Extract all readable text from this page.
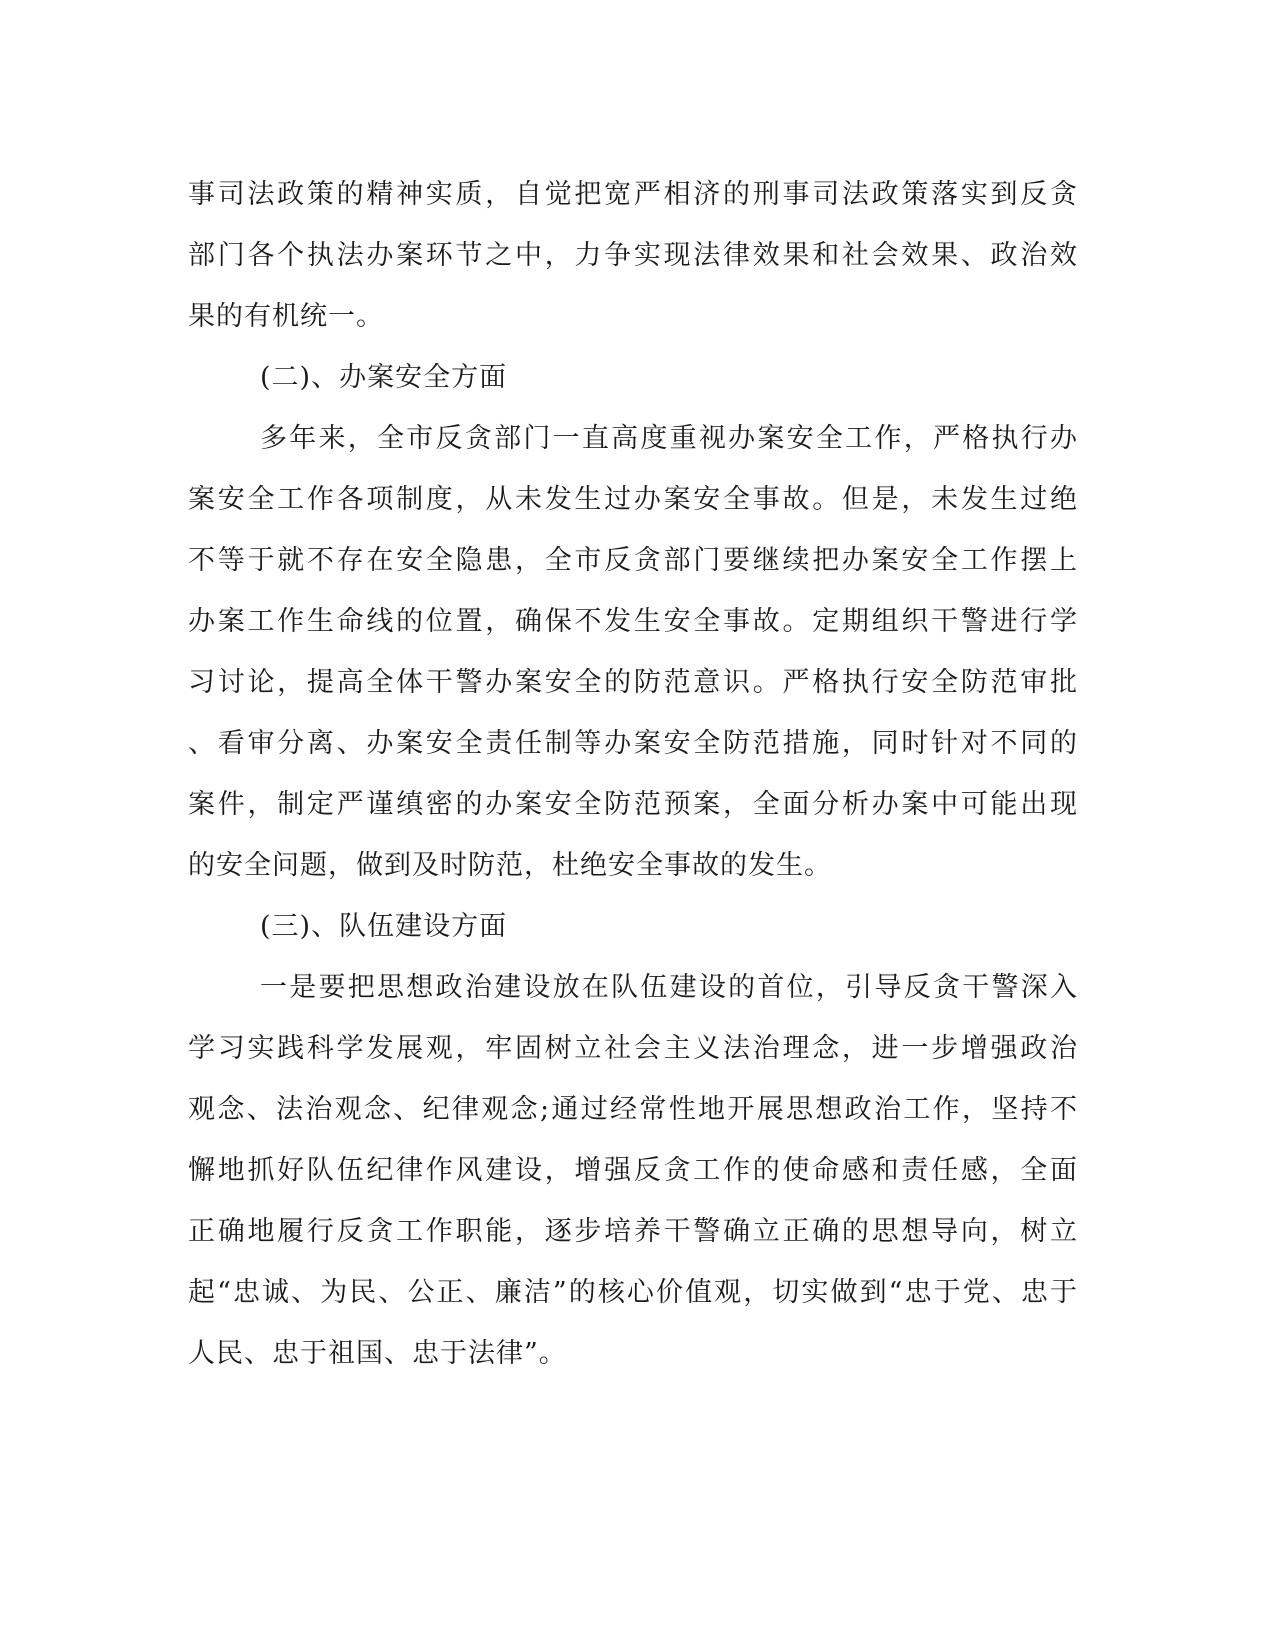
事司法政策的精神实质，自觉把宽严相济的刑事司法政策落实到反贪
部门各个执法办案环节之中，力争实现法律效果和社会效果、政治效
果的有机统一。
(二)、办案安全方面
多年来，全市反贪部门一直高度重视办案安全工作，严格执行办
案安全工作各项制度，从未发生过办案安全事故。但是，未发生过绝
不等于就不存在安全隐患，全市反贪部门要继续把办案安全工作摆上
办案工作生命线的位置，确保不发生安全事故。定期组织干警进行学
习讨论，提高全体干警办案安全的防范意识。严格执行安全防范审批
、看审分离、办案安全责任制等办案安全防范措施，同时针对不同的
案件，制定严谨缜密的办案安全防范预案，全面分析办案中可能出现
的安全问题，做到及时防范，杜绝安全事故的发生。
(三)、队伍建设方面
一是要把思想政治建设放在队伍建设的首位，引导反贪干警深入
学习实践科学发展观，牢固树立社会主义法治理念，进一步增强政治
观念、法治观念、纪律观念;通过经常性地开展思想政治工作，坚持不
懈地抓好队伍纪律作风建设，增强反贪工作的使命感和责任感，全面
正确地履行反贪工作职能，逐步培养干警确立正确的思想导向，树立
起“忠诚、为民、公正、廉洁”的核心价值观，切实做到“忠于党、忠于
人民、忠于祖国、忠于法律”。
